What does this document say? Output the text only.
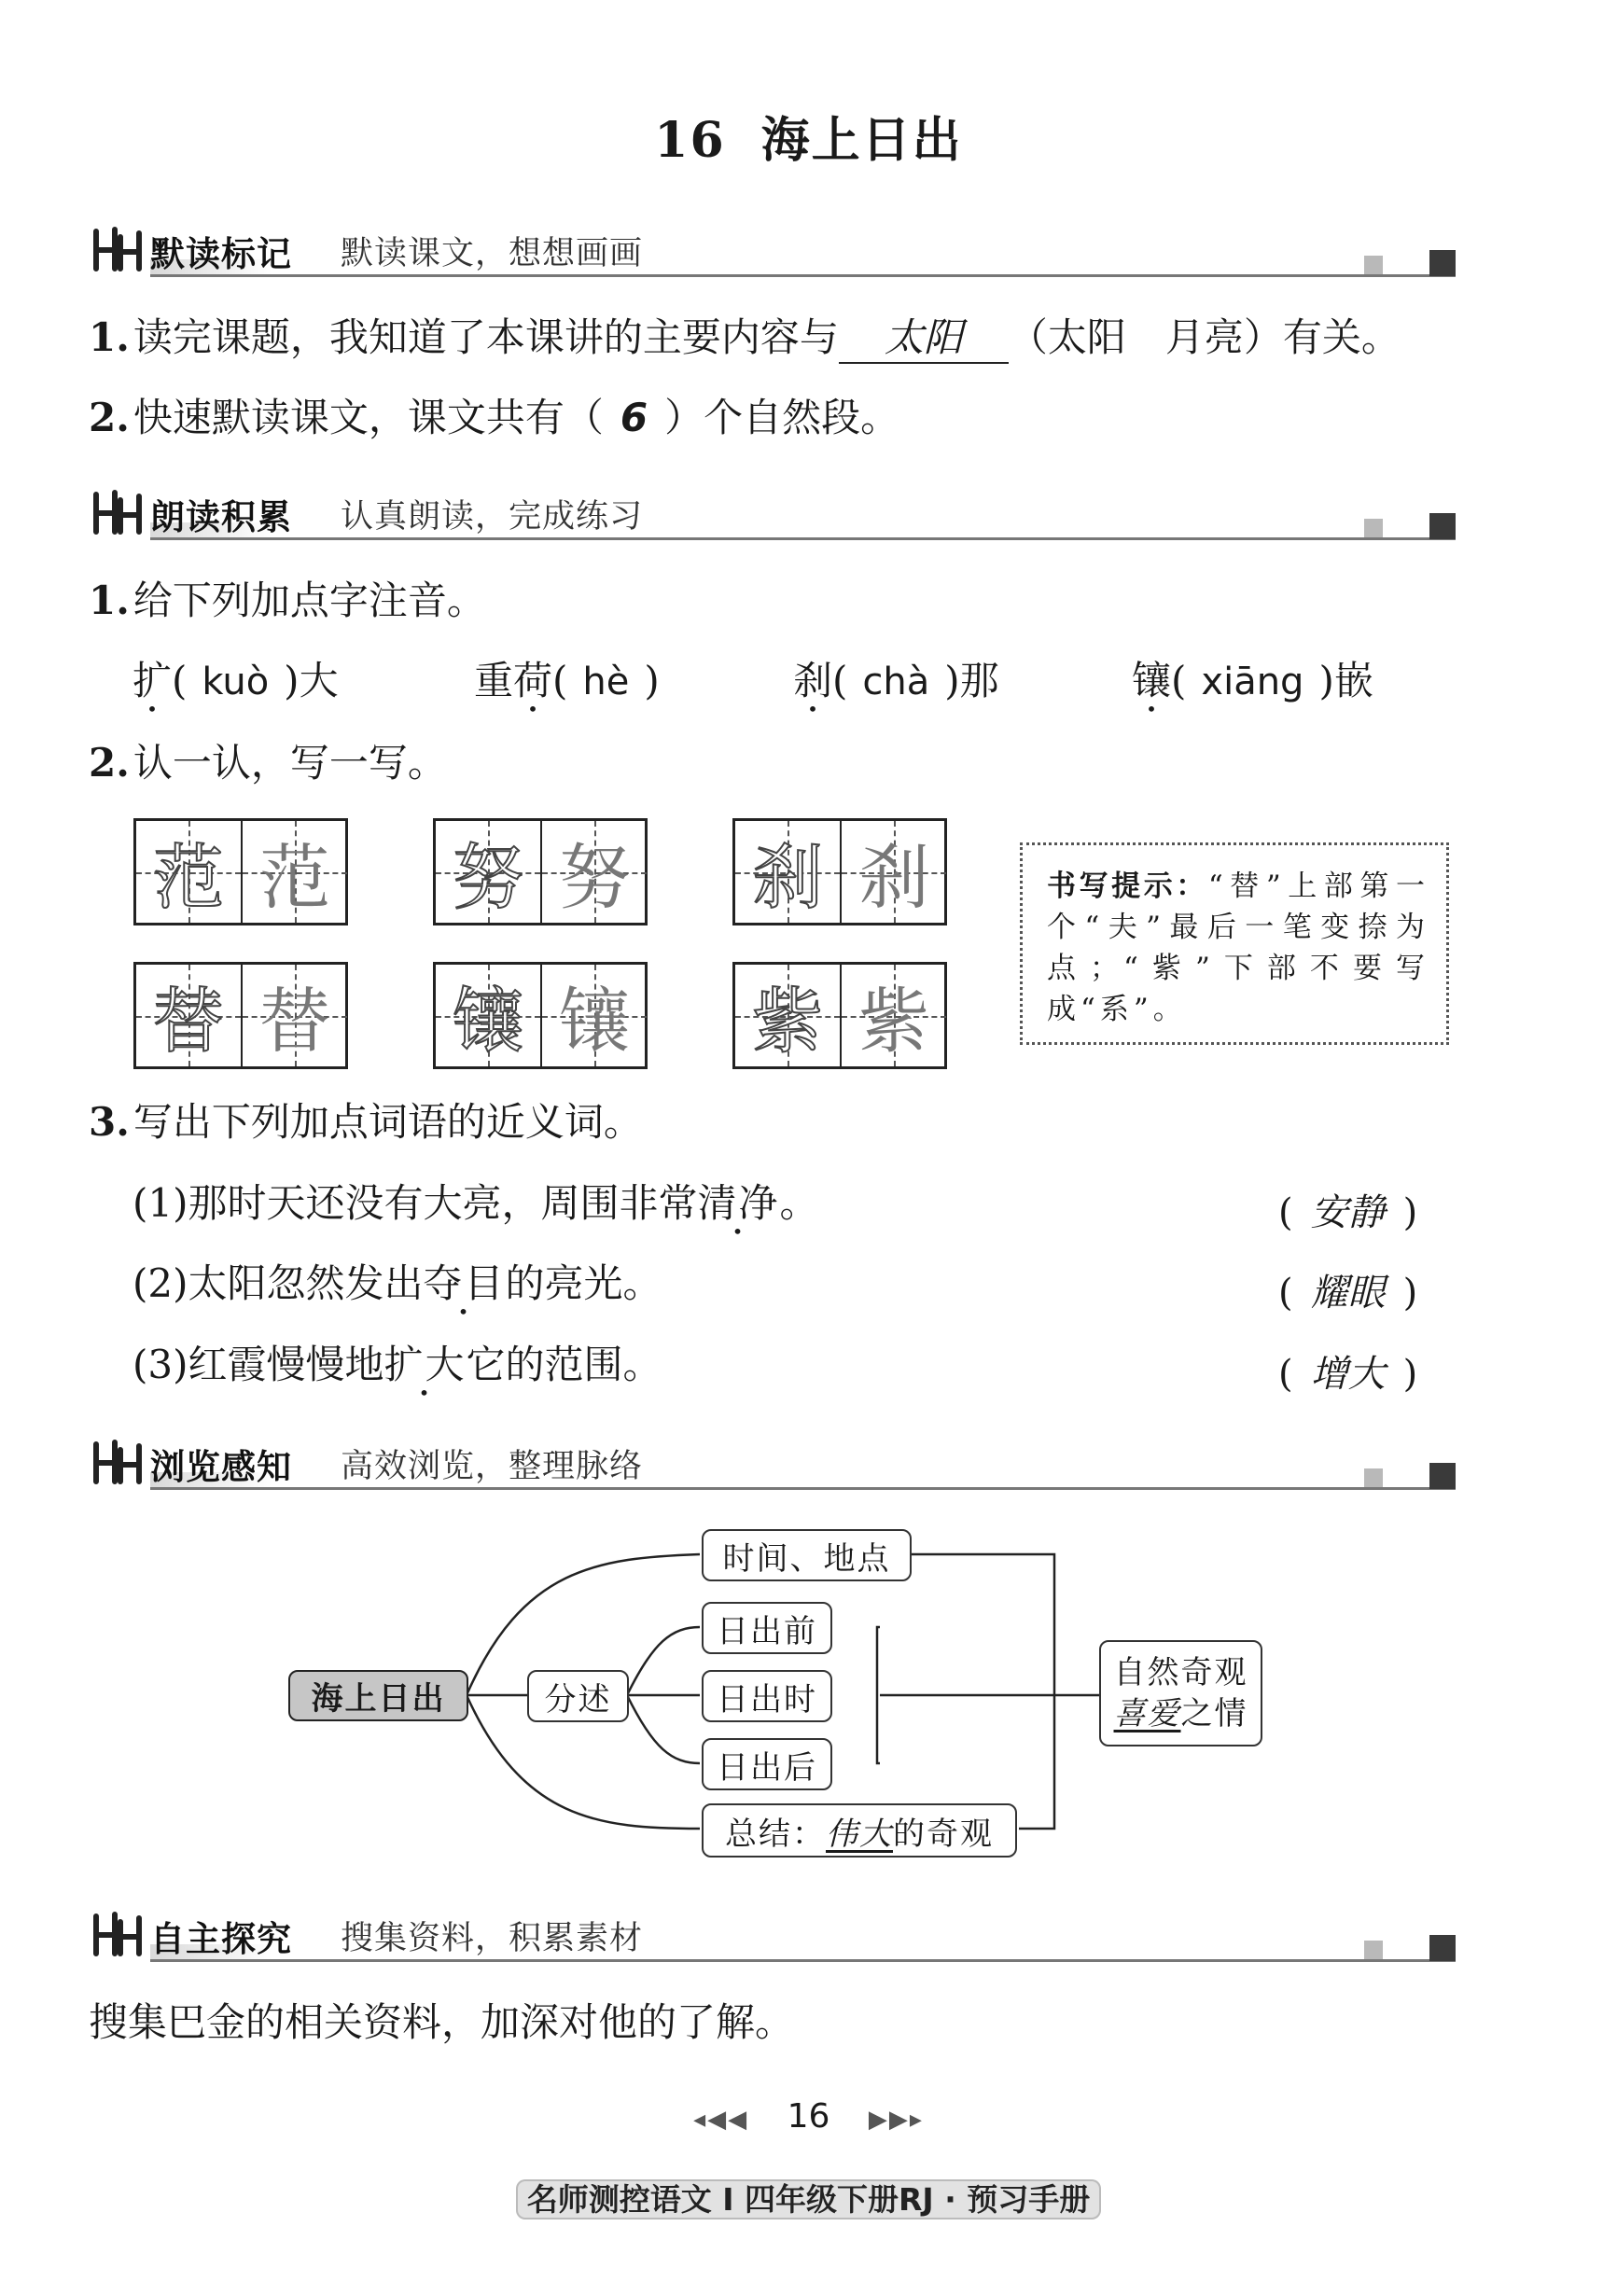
16 海上日出
默读标记 默读课文，想想画画
1.读完课题，我知道了本课讲的主要内容与 太阳 （太阳　月亮）有关。
2.快速默读课文，课文共有（ 6 ）个自然段。
朗读积累 认真朗读，完成练习
1.给下列加点字注音。
扩( kuò )大	重荷( hè )	刹( chà )那	镶( xiāng )嵌
2.认一认，写一写。
范 范 努 努 刹 刹
替 替 镶 镶 紫 紫

书写提示：“替”上部第一个“夫”最后一笔变捺为点；“紫”下部不要写成“系”。

3.写出下列加点词语的近义词。
(1)那时天还没有大亮，周围非常清净。	( 安静 )
(2)太阳忽然发出夺目的亮光。	( 耀眼 )
(3)红霞慢慢地扩大它的范围。	( 增大 )
浏览感知 高效浏览，整理脉络
海上日出	分述
时间、地点
日出前
日出时
日出后
总结： 伟大 的奇观
自然奇观
喜爱之情
自主探究 搜集资料，积累素材
搜集巴金的相关资料，加深对他的了解。
◂◀◀ 16 ▶▶▸
名师测控语文 I 四年级下册RJ · 预习手册
